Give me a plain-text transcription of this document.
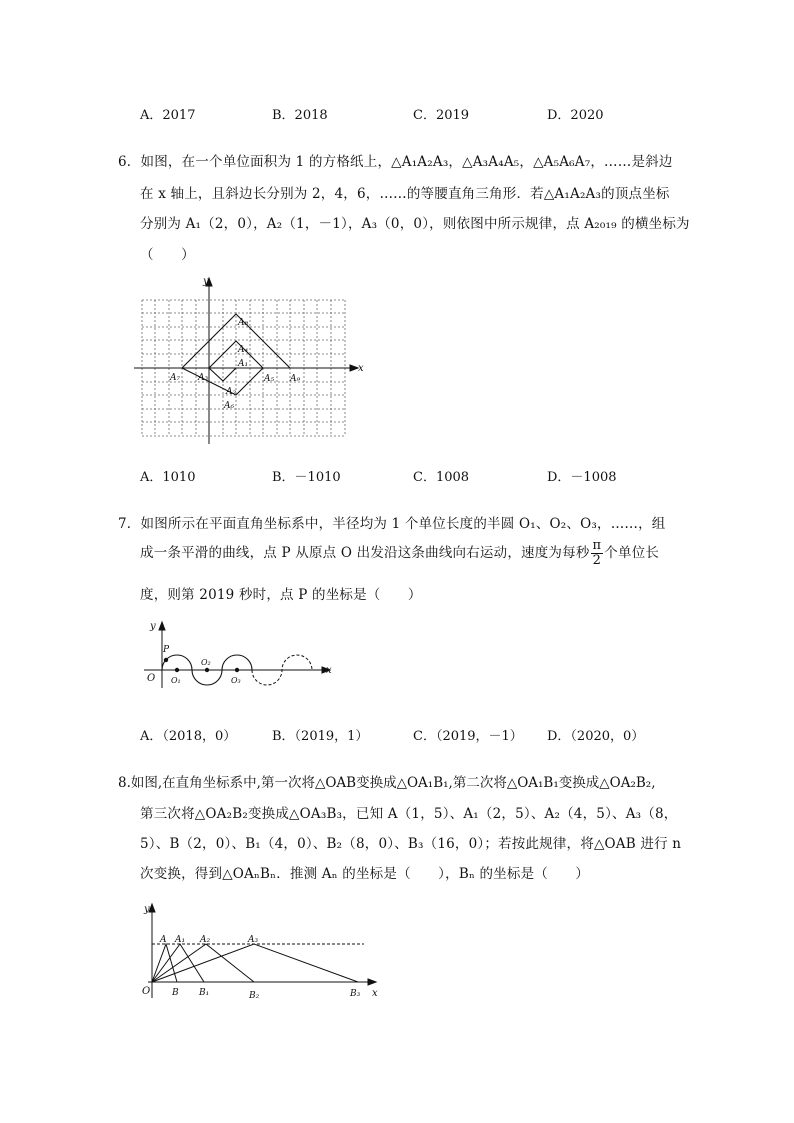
A．2017	B．2018	C．2019	D．2020
6．如图，在一个单位面积为 1 的方格纸上，△A₁A₂A₃，△A₃A₄A₅，△A₅A₆A₇，……是斜边
在 x 轴上，且斜边长分别为 2，4，6，……的等腰直角三角形．若△A₁A₂A₃的顶点坐标
分别为 A₁（2，0），A₂（1，－1），A₃（0，0），则依图中所示规律，点 A₂₀₁₉ 的横坐标为
（　　）
y
x
A₁
A₂
A₃
A₄
A₅
A₆
A₇
A₈
A₉
A．1010	B．－1010	C．1008	D．－1008
7．如图所示在平面直角坐标系中，半径均为 1 个单位长度的半圆 O₁、O₂、O₃，……，组
成一条平滑的曲线，点 P 从原点 O 出发沿这条曲线向右运动，速度为每秒 $\frac{\pi}{2}$ 个单位长
度，则第 2019 秒时，点 P 的坐标是（　　）
y
x
P
O O₁
O₂
O₃
A．（2018，0）	B．（2019，1）	C．（2019，－1） D．（2020，0）
8.如图,在直角坐标系中,第一次将△OAB变换成△OA₁B₁,第二次将△OA₁B₁变换成△OA₂B₂,
第三次将△OA₂B₂变换成△OA₃B₃，已知 A（1，5）、A₁（2，5）、A₂（4，5）、A₃（8，
5）、B（2，0）、B₁（4，0）、B₂（8，0）、B₃（16，0）；若按此规律，将△OAB 进行 n
次变换，得到△OAₙBₙ．推测 Aₙ 的坐标是（　　），Bₙ 的坐标是（　　）
y
x
O
A A₁ A₂	A₃
B B₁	B₂	B₃
